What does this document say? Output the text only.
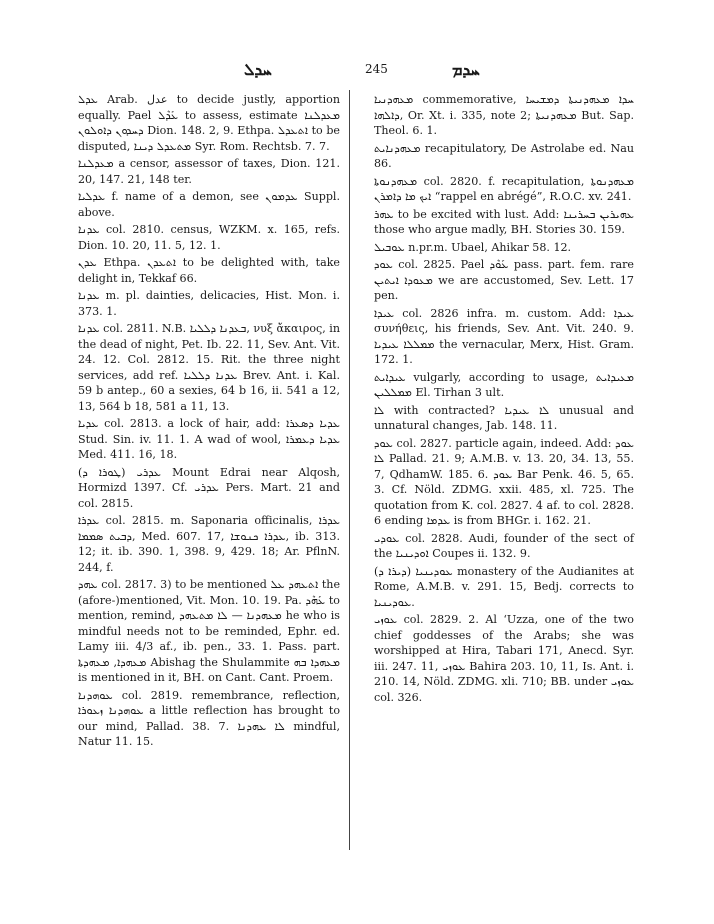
ܚܕܠ	245	ܚܕܡ

ܥܕܠ Arab. عدل to decide justly, apportion equally. Pael ܥܰܕܶܠ to assess, estimate ܡܥܕܠܢܐ ܕܚܕܘܢ ܕܐܘܠܘܢ Dion. 148. 2, 9. Ethpa. ܐܬܥܕܠ to be disputed, ܡܬܥܕܠ ܕܝܢܐ Syr. Rom. Rechtsb. 7. 7.

ܡܥܕܠܢܐ a censor, assessor of taxes, Dion. 121. 20, 147. 21, 148 ter.

ܥܕܠܝܐ f. name of a demon, see ܥܕܡܘܢ Suppl. above.

ܥܕܢܐ col. 2810. census, WZKM. x. 165, refs. Dion. 10. 20, 11. 5, 12. 1.

ܥܕܢ Ethpa. ܐܬܥܕܢ to be delighted with, take delight in, Tekkaf 66.

ܥܕܢܐ m. pl. dainties, delicacies, Hist. Mon. i. 373. 1.

ܥܕܢܐ col. 2811. N.B. ܒܥܕܢܐ ܕܠܠܝܐ, νυξ ἄκαιρος, in the dead of night, Pet. Ib. 22. 11, Sev. Ant. Vit. 24. 12. Col. 2812. 15. Rit. the three night services, add ref. ܥܕܢܐ ܕܠܠܝܐ Brev. Ant. i. Kal. 59 b antep., 60 a sexies, 64 b 16, ii. 541 a 12, 13, 564 b 18, 581 a 11, 13.

ܥܕܝܐ col. 2813. a lock of hair, add: ܥܕܝܐ ܕܣܥܪܐ Stud. Sin. iv. 11. 1. A wad of wool, ܥܕܝܐ ܕܥܡܪܐ Med. 411. 16, 18.

ܥܕܪܝ (ܛܘܪܐ ܕ) Mount Edrai near Alqosh, Hormizd 1397. Cf. ܥܕܪܝ Pers. Mart. 21 and col. 2815.

ܥܕܪܐ col. 2815. m. Saponaria officinalis, ܥܕܪܐ ܕܒܝܬ ܣܡܡܐ, Med. 607. 17, ܥܕܪܐ ܟܢܘܫܐ, ib. 313. 12; it. ib. 390. 1, 398. 9, 429. 18; Ar. PflnN. 244, f.

ܥܗܕ col. 2817. 3) to be mentioned ܐܬܥܗܕ ܥܠ the (afore-)mentioned, Vit. Mon. 10. 19. Pa. ܥܰܗܶܕ to mention, remind, ܡܥܗܕܢܐ — ܠܐ ܡܬܥܗܕ he who is mindful needs not to be reminded, Ephr. ed. Lamy iii. 4/3 af., ib. pen., 33. 1. Pass. part. ܡܥܗܕܐ, ܡܥܗܕܬܐ Abishag the Shulammite ܡܥܗܕܐ ܒܗ is mentioned in it, BH. on Cant. Cant. Proem.

ܥܘܗܕܢܐ col. 2819. remembrance, reflection, ܥܘܗܕܢܐ ܙܥܘܪܐ a little reflection has brought to our mind, Pallad. 38. 7. ܠܐ ܥܗܕܢܐ mindful, Natur 11. 15.

ܡܥܗܕܢܝܐ commemorative, ܚܕܐ ܡܥܗܕܢܝܬܐ ܕܡܫܝܚܐ ܕܐܠܗܐ, Or. Xt. i. 335, note 2; ܡܥܗܕܢܝܬܐ But. Sap. Theol. 6. 1.

ܡܥܗܕܢܐܝܬ recapitulatory, De Astrolabe ed. Nau 86.

ܡܥܗܕܢܘܬܐ col. 2820. f. recapitulation, ܡܥܗܕܢܘܬܐ ܐܝܟ ܡܐ ܕܐܡܪܢ “rappel en abrégé”, R.O.C. xv. 241.

ܥܗܪ to be excited with lust. Add: ܥܗܝܪܝܢ ܒܚܪܝܢܐ those who argue madly, BH. Stories 30. 159.

ܥܘܒܝܠ n.pr.m. Ubael, Ahikar 58. 12.

ܥܘܕ col. 2825. Pael ܥܰܘܶܕ pass. part. fem. rare ܡܥܘܕܐ ܐܝܬܝܢ we are accustomed, Sev. Lett. 17 pen.

ܥܝܕܐ col. 2826 infra. m. custom. Add: ܥܝܕܐ συνήθεις, his friends, Sev. Ant. Vit. 240. 9. ܡܡܠܠܐ ܥܝܕܝܐ the vernacular, Merx, Hist. Gram. 172. 1.

ܥܝܕܐܝܬ vulgarly, according to usage, ܡܥܝܕܐܝܬ ܡܡܠܠܝܢ El. Tirhan 3 ult.

ܠܐ with contracted? ܠܐ ܥܝܕܝܐ unusual and unnatural changes, Jab. 148. 11.

ܥܘܕ col. 2827. particle again, indeed. Add: ܥܘܕ ܠܐ Pallad. 21. 9; A.M.B. v. 13. 20, 34. 13, 55. 7, QdhamW. 185. 6. ܥܘܕ Bar Penk. 46. 5, 65. 3. Cf. Nöld. ZDMG. xxii. 485, xl. 725. The quotation from K. col. 2827. 4 af. to col. 2828. 6 ending ܥܕܡܐ is from BHGr. i. 162. 21.

ܥܘܕܝ col. 2828. Audi, founder of the sect of the ܐܘܕܝܢܝܐ Coupes ii. 132. 9.

ܥܘܕܝܢܝܐ (ܕܝܪܐ ܕ) monastery of the Audianites at Rome, A.M.B. v. 291. 15, Bedj. corrects to ܥܘܕܝܢܝܐ.

ܥܘܙܝ col. 2829. 2. Al ‘Uzza, one of the two chief goddesses of the Arabs; she was worshipped at Hira, Tabari 171, Anecd. Syr. iii. 247. 11, ܥܘܙܝ Bahira 203. 10, 11, Is. Ant. i. 210. 14, Nöld. ZDMG. xli. 710; BB. under ܥܘܙܝ col. 326.
